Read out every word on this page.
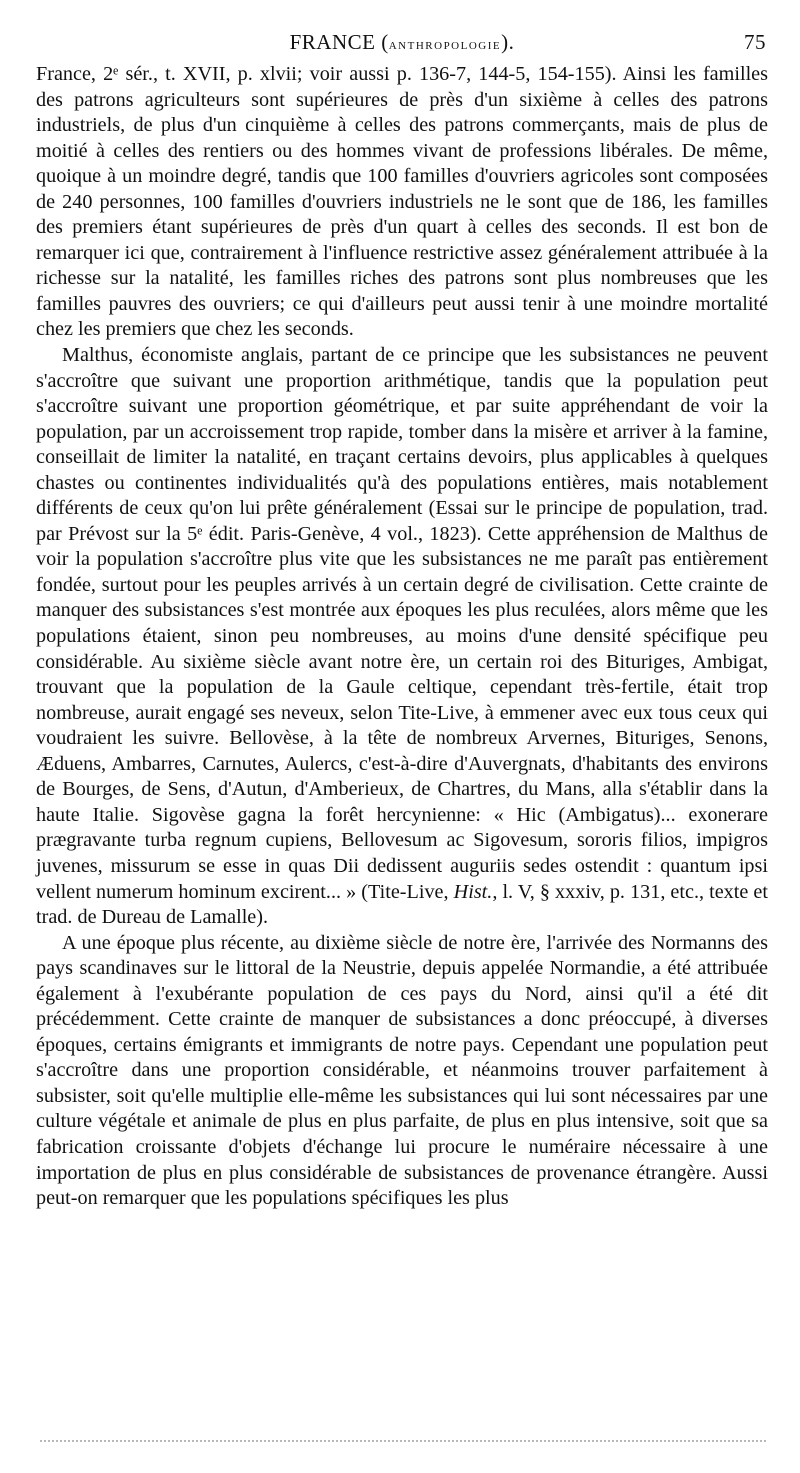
FRANCE (anthropologie).	75

France, 2ᵉ sér., t. XVII, p. xlvii; voir aussi p. 136-7, 144-5, 154-155). Ainsi les familles des patrons agriculteurs sont supérieures de près d'un sixième à celles des patrons industriels, de plus d'un cinquième à celles des patrons commerçants, mais de plus de moitié à celles des rentiers ou des hommes vivant de professions libérales. De même, quoique à un moindre degré, tandis que 100 familles d'ouvriers agricoles sont composées de 240 personnes, 100 familles d'ouvriers industriels ne le sont que de 186, les familles des premiers étant supérieures de près d'un quart à celles des seconds. Il est bon de remarquer ici que, contrairement à l'influence restrictive assez généralement attribuée à la richesse sur la natalité, les familles riches des patrons sont plus nombreuses que les familles pauvres des ouvriers; ce qui d'ailleurs peut aussi tenir à une moindre mortalité chez les premiers que chez les seconds.

Malthus, économiste anglais, partant de ce principe que les subsistances ne peuvent s'accroître que suivant une proportion arithmétique, tandis que la population peut s'accroître suivant une proportion géométrique, et par suite appréhendant de voir la population, par un accroissement trop rapide, tomber dans la misère et arriver à la famine, conseillait de limiter la natalité, en traçant certains devoirs, plus applicables à quelques chastes ou continentes individualités qu'à des populations entières, mais notablement différents de ceux qu'on lui prête généralement (Essai sur le principe de population, trad. par Prévost sur la 5ᵉ édit. Paris-Genève, 4 vol., 1823). Cette appréhension de Malthus de voir la population s'accroître plus vite que les subsistances ne me paraît pas entièrement fondée, surtout pour les peuples arrivés à un certain degré de civilisation. Cette crainte de manquer des subsistances s'est montrée aux époques les plus reculées, alors même que les populations étaient, sinon peu nombreuses, au moins d'une densité spécifique peu considérable. Au sixième siècle avant notre ère, un certain roi des Bituriges, Ambigat, trouvant que la population de la Gaule celtique, cependant très-fertile, était trop nombreuse, aurait engagé ses neveux, selon Tite-Live, à emmener avec eux tous ceux qui voudraient les suivre. Bellovèse, à la tête de nombreux Arvernes, Bituriges, Senons, Æduens, Ambarres, Carnutes, Aulercs, c'est-à-dire d'Auvergnats, d'habitants des environs de Bourges, de Sens, d'Autun, d'Amberieux, de Chartres, du Mans, alla s'établir dans la haute Italie. Sigovèse gagna la forêt hercynienne: « Hic (Ambigatus)... exonerare prægravante turba regnum cupiens, Bellovesum ac Sigovesum, sororis filios, impigros juvenes, missurum se esse in quas Dii dedissent auguriis sedes ostendit : quantum ipsi vellent numerum hominum excirent... » (Tite-Live, Hist., l. V, § xxxiv, p. 131, etc., texte et trad. de Dureau de Lamalle).

A une époque plus récente, au dixième siècle de notre ère, l'arrivée des Normanns des pays scandinaves sur le littoral de la Neustrie, depuis appelée Normandie, a été attribuée également à l'exubérante population de ces pays du Nord, ainsi qu'il a été dit précédemment. Cette crainte de manquer de subsistances a donc préoccupé, à diverses époques, certains émigrants et immigrants de notre pays. Cependant une population peut s'accroître dans une proportion considérable, et néanmoins trouver parfaitement à subsister, soit qu'elle multiplie elle-même les subsistances qui lui sont nécessaires par une culture végétale et animale de plus en plus parfaite, de plus en plus intensive, soit que sa fabrication croissante d'objets d'échange lui procure le numéraire nécessaire à une importation de plus en plus considérable de subsistances de provenance étrangère. Aussi peut-on remarquer que les populations spécifiques les plus
